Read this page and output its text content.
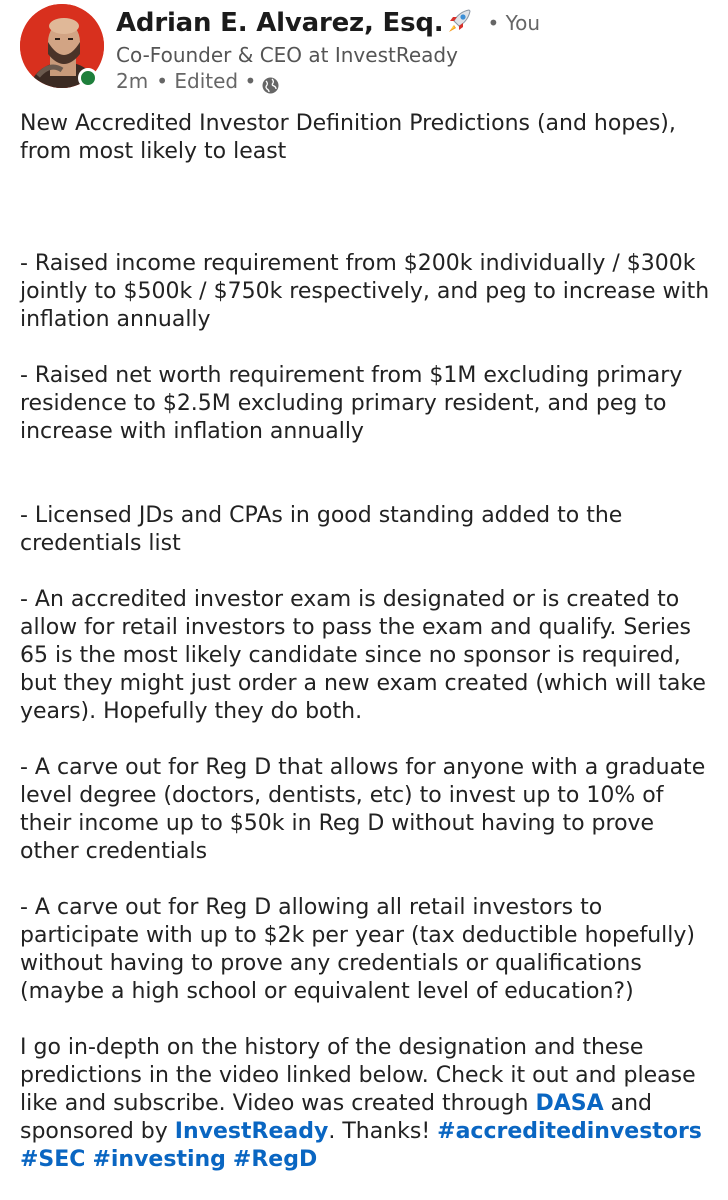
Adrian E. Alvarez, Esq. • You
Co-Founder & CEO at InvestReady
2m • Edited •

New Accredited Investor Definition Predictions (and hopes),

from most likely to least

- Raised income requirement from $200k individually / $300k

jointly to $500k / $750k respectively, and peg to increase with

inflation annually

- Raised net worth requirement from $1M excluding primary

residence to $2.5M excluding primary resident, and peg to

increase with inflation annually

- Licensed JDs and CPAs in good standing added to the

credentials list

- An accredited investor exam is designated or is created to

allow for retail investors to pass the exam and qualify. Series

65 is the most likely candidate since no sponsor is required,

but they might just order a new exam created (which will take

years). Hopefully they do both.

- A carve out for Reg D that allows for anyone with a graduate

level degree (doctors, dentists, etc) to invest up to 10% of

their income up to $50k in Reg D without having to prove

other credentials

- A carve out for Reg D allowing all retail investors to

participate with up to $2k per year (tax deductible hopefully)

without having to prove any credentials or qualifications

(maybe a high school or equivalent level of education?)

I go in-depth on the history of the designation and these

predictions in the video linked below. Check it out and please

like and subscribe. Video was created through DASA and

sponsored by InvestReady. Thanks! #accreditedinvestors

#SEC #investing #RegD
